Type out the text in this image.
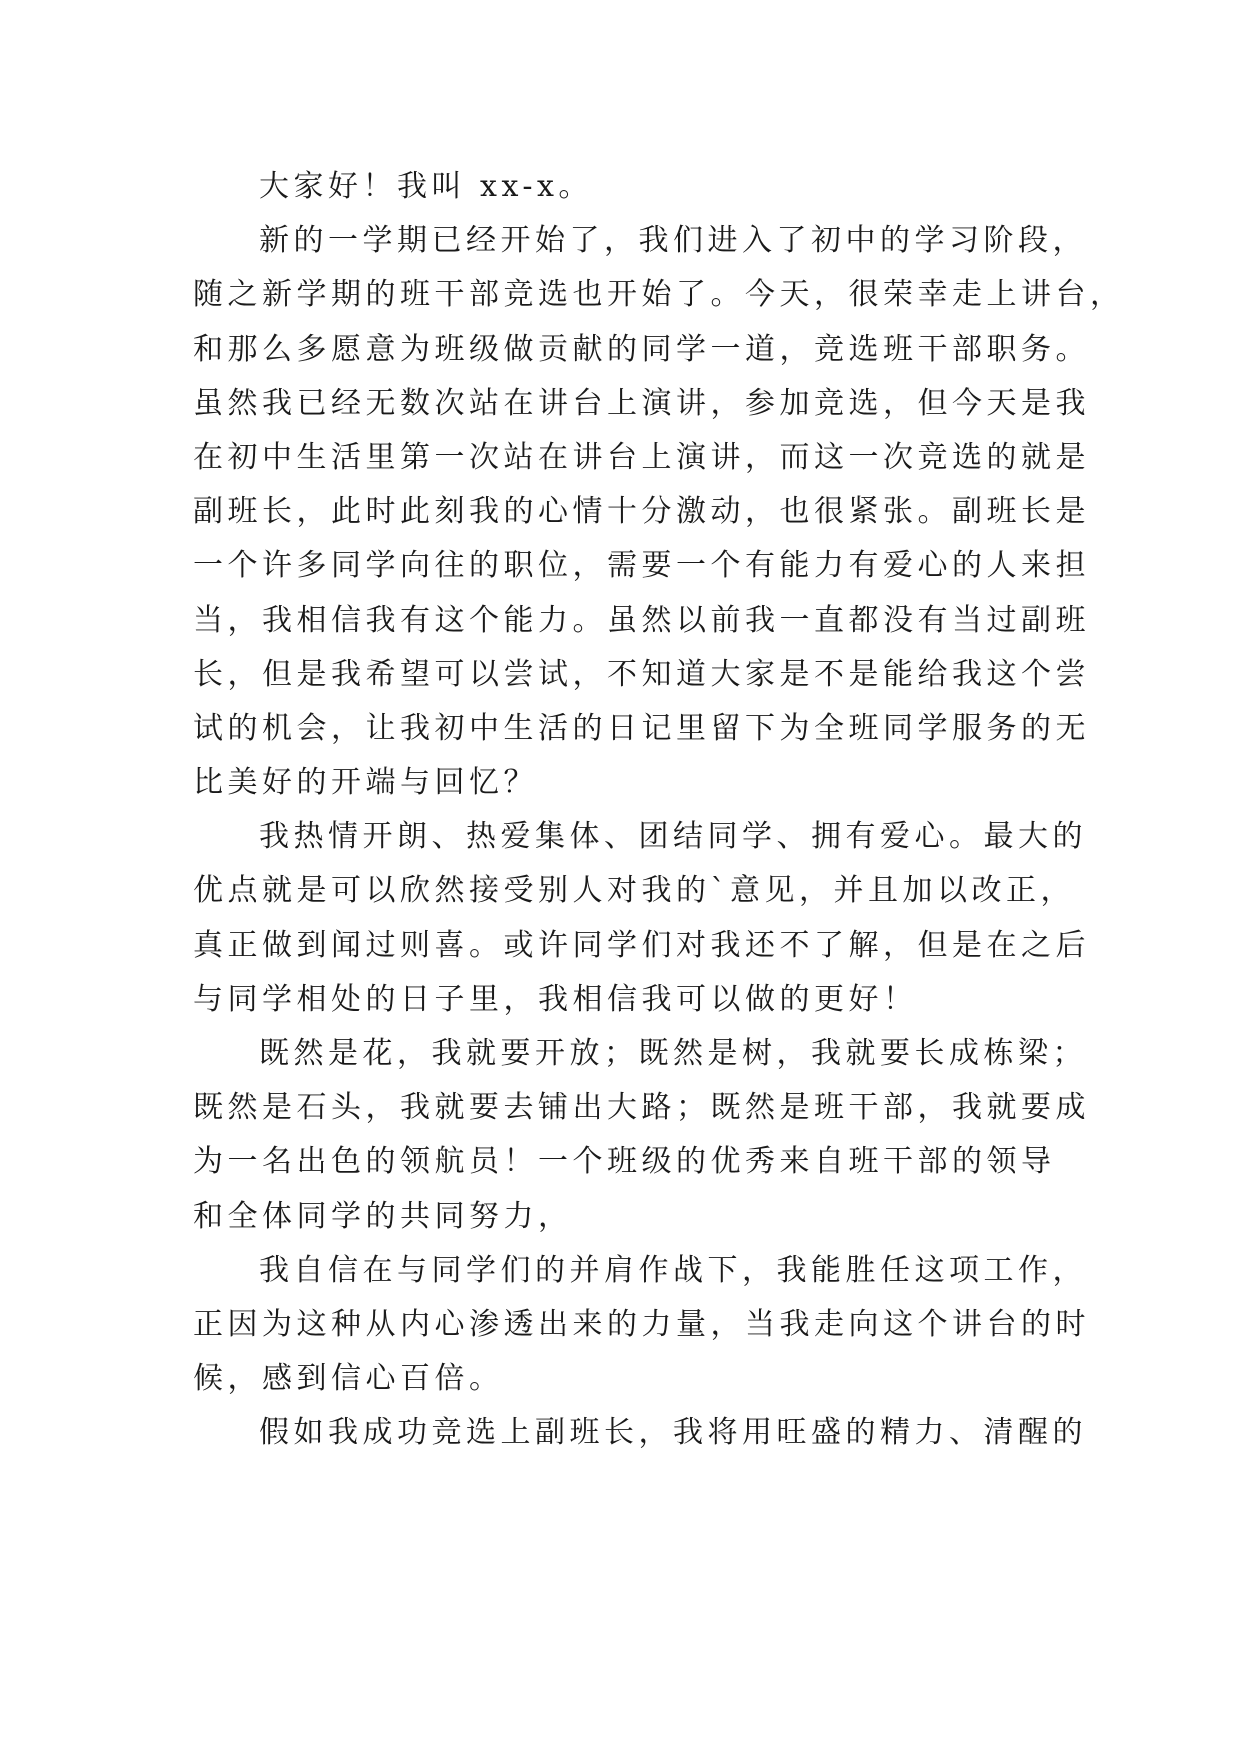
大家好！我叫 xx-x。
新的一学期已经开始了，我们进入了初中的学习阶段，
随之新学期的班干部竞选也开始了。今天，很荣幸走上讲台，
和那么多愿意为班级做贡献的同学一道，竞选班干部职务。
虽然我已经无数次站在讲台上演讲，参加竞选，但今天是我
在初中生活里第一次站在讲台上演讲，而这一次竞选的就是
副班长，此时此刻我的心情十分激动，也很紧张。副班长是
一个许多同学向往的职位，需要一个有能力有爱心的人来担
当，我相信我有这个能力。虽然以前我一直都没有当过副班
长，但是我希望可以尝试，不知道大家是不是能给我这个尝
试的机会，让我初中生活的日记里留下为全班同学服务的无
比美好的开端与回忆？
我热情开朗、热爱集体、团结同学、拥有爱心。最大的
优点就是可以欣然接受别人对我的`意见，并且加以改正，
真正做到闻过则喜。或许同学们对我还不了解，但是在之后
与同学相处的日子里，我相信我可以做的更好！
既然是花，我就要开放；既然是树，我就要长成栋梁；
既然是石头，我就要去铺出大路；既然是班干部，我就要成
为一名出色的领航员！一个班级的优秀来自班干部的领导
和全体同学的共同努力，
我自信在与同学们的并肩作战下，我能胜任这项工作，
正因为这种从内心渗透出来的力量，当我走向这个讲台的时
候，感到信心百倍。
假如我成功竞选上副班长，我将用旺盛的精力、清醒的
